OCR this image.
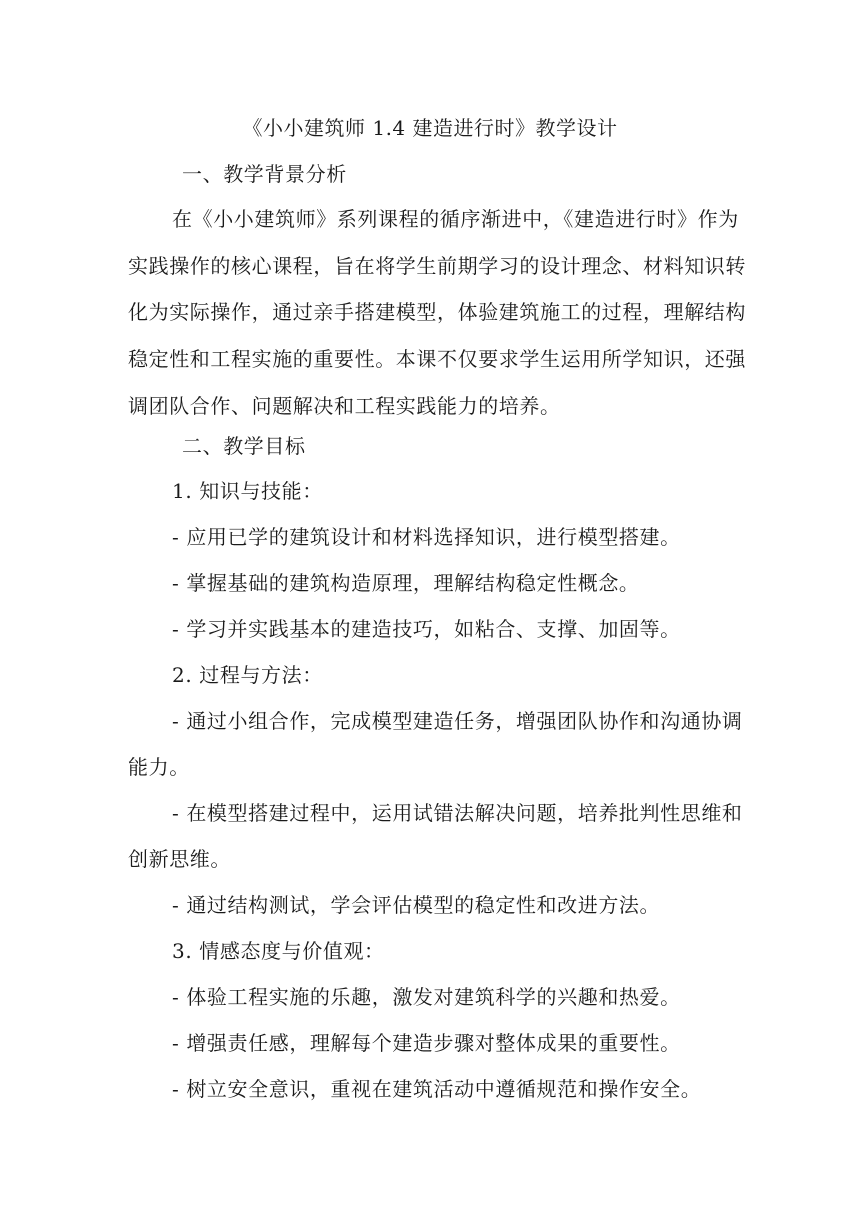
《小小建筑师 1.4 建造进行时》教学设计

一、教学背景分析

在《小小建筑师》系列课程的循序渐进中，《建造进行时》作为

实践操作的核心课程，旨在将学生前期学习的设计理念、材料知识转

化为实际操作，通过亲手搭建模型，体验建筑施工的过程，理解结构

稳定性和工程实施的重要性。本课不仅要求学生运用所学知识，还强

调团队合作、问题解决和工程实践能力的培养。

二、教学目标

1. 知识与技能：

- 应用已学的建筑设计和材料选择知识，进行模型搭建。

- 掌握基础的建筑构造原理，理解结构稳定性概念。

- 学习并实践基本的建造技巧，如粘合、支撑、加固等。

2. 过程与方法：

- 通过小组合作，完成模型建造任务，增强团队协作和沟通协调

能力。

- 在模型搭建过程中，运用试错法解决问题，培养批判性思维和

创新思维。

- 通过结构测试，学会评估模型的稳定性和改进方法。

3. 情感态度与价值观：

- 体验工程实施的乐趣，激发对建筑科学的兴趣和热爱。

- 增强责任感，理解每个建造步骤对整体成果的重要性。

- 树立安全意识，重视在建筑活动中遵循规范和操作安全。
